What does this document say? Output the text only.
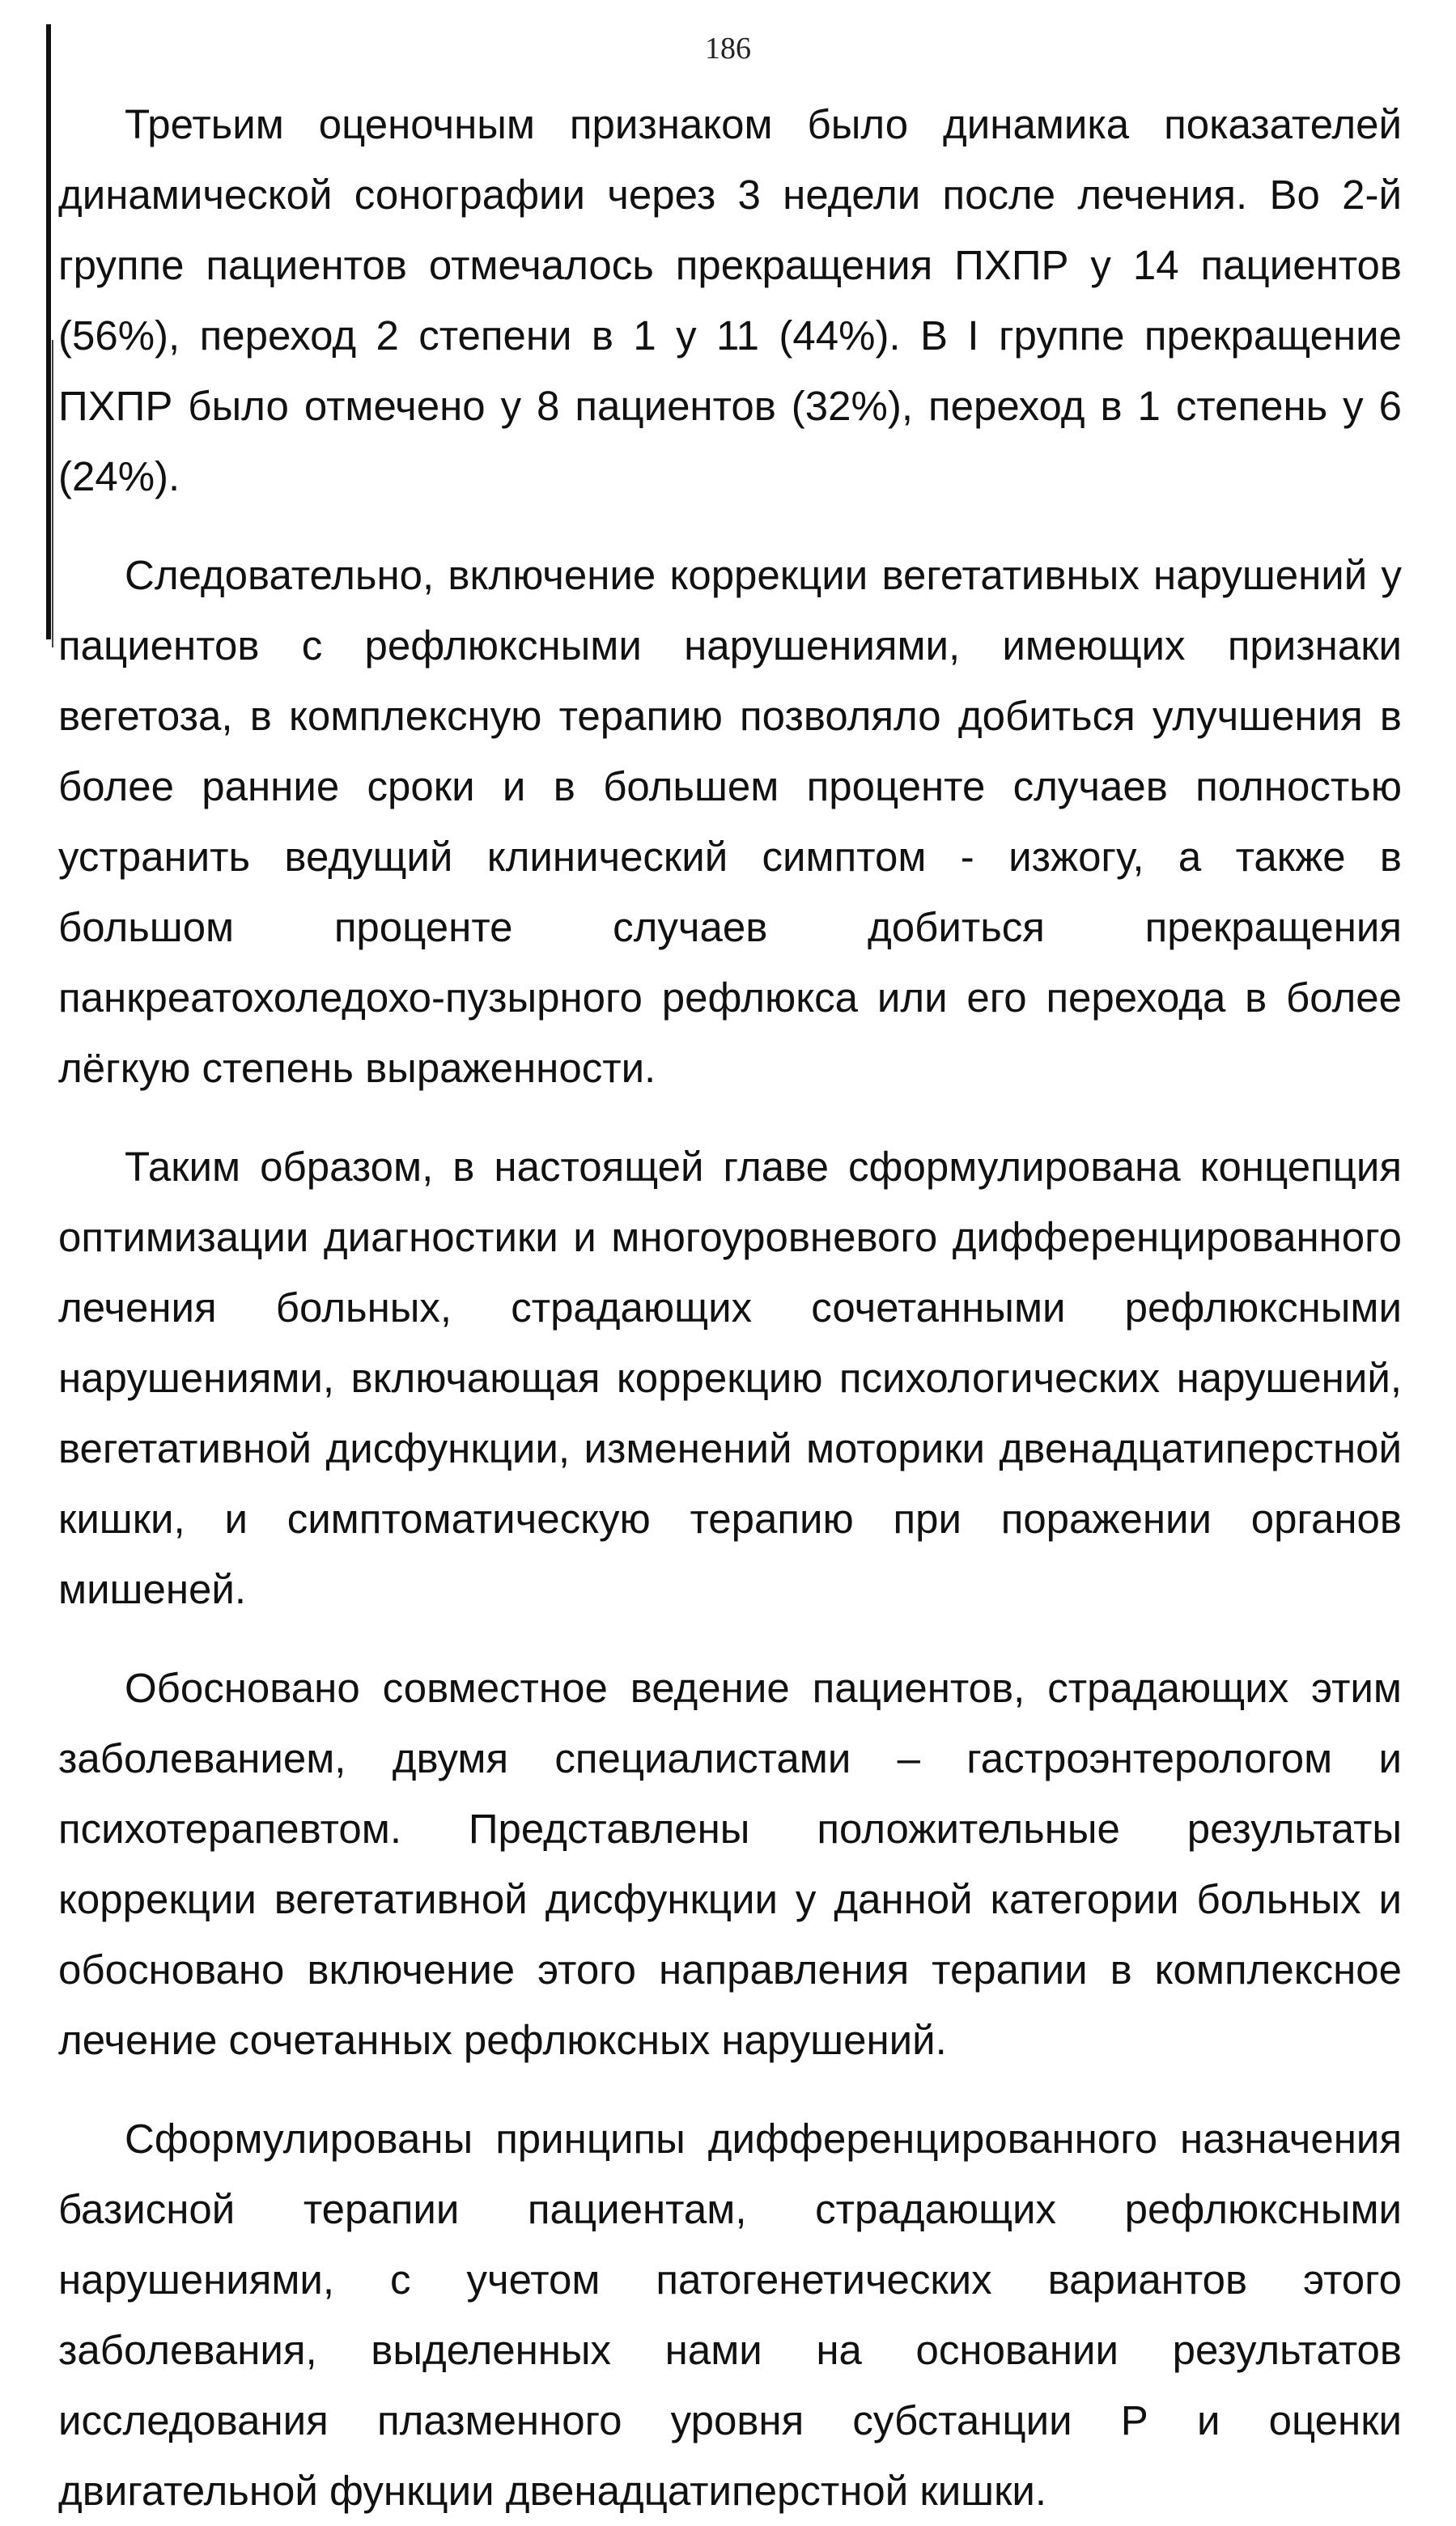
186

Третьим оценочным признаком было динамика показателей динамической сонографии через 3 недели после лечения. Во 2-й группе пациентов отмечалось прекращения ПХПР у 14 пациентов (56%), переход 2 степени в 1 у 11 (44%). В I группе прекращение ПХПР было отмечено у 8 пациентов (32%), переход в 1 степень у 6 (24%).

Следовательно, включение коррекции вегетативных нарушений у пациентов с рефлюксными нарушениями, имеющих признаки вегетоза, в комплексную терапию позволяло добиться улучшения в более ранние сроки и в большем проценте случаев полностью устранить ведущий клинический симптом - изжогу, а также в большом проценте случаев добиться прекращения панкреатохоледохо-пузырного рефлюкса или его перехода в более лёгкую степень выраженности.

Таким образом, в настоящей главе сформулирована концепция оптимизации диагностики и многоуровневого дифференцированного лечения больных, страдающих сочетанными рефлюксными нарушениями, включающая коррекцию психологических нарушений, вегетативной дисфункции, изменений моторики двенадцатиперстной кишки, и симптоматическую терапию при поражении органов мишеней.

Обосновано совместное ведение пациентов, страдающих этим заболеванием, двумя специалистами – гастроэнтерологом и психотерапевтом. Представлены положительные результаты коррекции вегетативной дисфункции у данной категории больных и обосновано включение этого направления терапии в комплексное лечение сочетанных рефлюксных нарушений.

Сформулированы принципы дифференцированного назначения базисной терапии пациентам, страдающих рефлюксными нарушениями, с учетом патогенетических вариантов этого заболевания, выделенных нами на основании результатов исследования плазменного уровня субстанции Р и оценки двигательной функции двенадцатиперстной кишки.
